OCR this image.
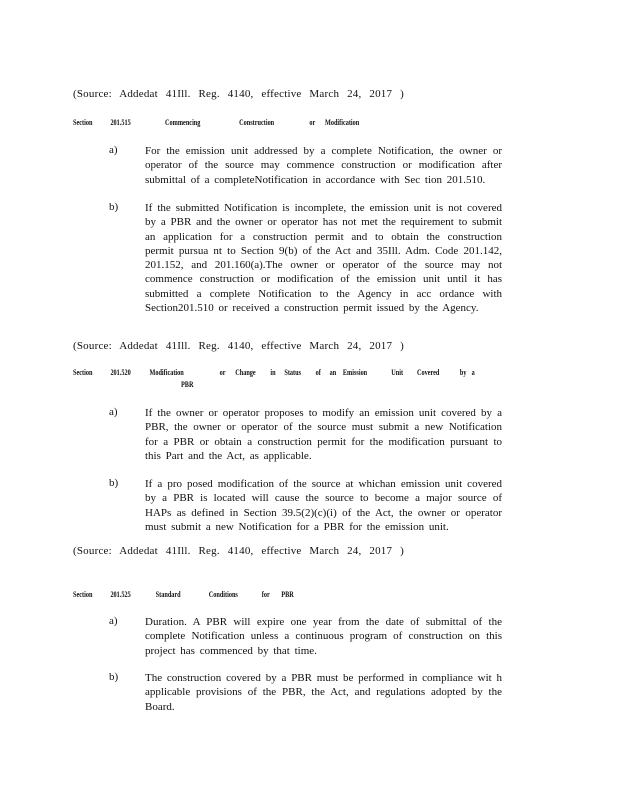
(Source: Addedat 41Ill. Reg. 4140, effective March 24, 2017 )
Section 201.515	Commencing	Construction	or Modification
a) For the emission unit addressed by a complete Notification, the owner or operator of the source may commence construction or modification after submittal of a completeNotification in accordance with Sec tion 201.510.
b) If the submitted Notification is incomplete, the emission unit is not covered by a PBR and the owner or operator has not met the requirement to submit an application for a construction permit and to obtain the construction permit pursua nt to Section 9(b) of the Act and 35Ill. Adm. Code 201.142, 201.152, and 201.160(a).The owner or operator of the source may not commence construction or modification of the emission unit until it has submitted a complete Notification to the Agency in acc ordance with Section201.510 or received a construction permit issued by the Agency.
(Source: Addedat 41Ill. Reg. 4140, effective March 24, 2017 )
Section 201.520 Modification	or Change in Status of an Emission	Unit Covered	by a
PBR
a) If the owner or operator proposes to modify an emission unit covered by a PBR, the owner or operator of the source must submit a new Notification for a PBR or obtain a construction permit for the modification pursuant to this Part and the Act, as applicable.
b) If a pro posed modification of the source at whichan emission unit covered by a PBR is located will cause the source to become a major source of HAPs as defined in Section 39.5(2)(c)(i) of the Act, the owner or operator must submit a new Notification for a PBR for the emission unit.
(Source: Addedat 41Ill. Reg. 4140, effective March 24, 2017 )
Section 201.525	Standard	Conditions	for PBR
a) Duration. A PBR will expire one year from the date of submittal of the complete Notification unless a continuous program of construction on this project has commenced by that time.
b) The construction covered by a PBR must be performed in compliance wit h applicable provisions of the PBR, the Act, and regulations adopted by the Board.
